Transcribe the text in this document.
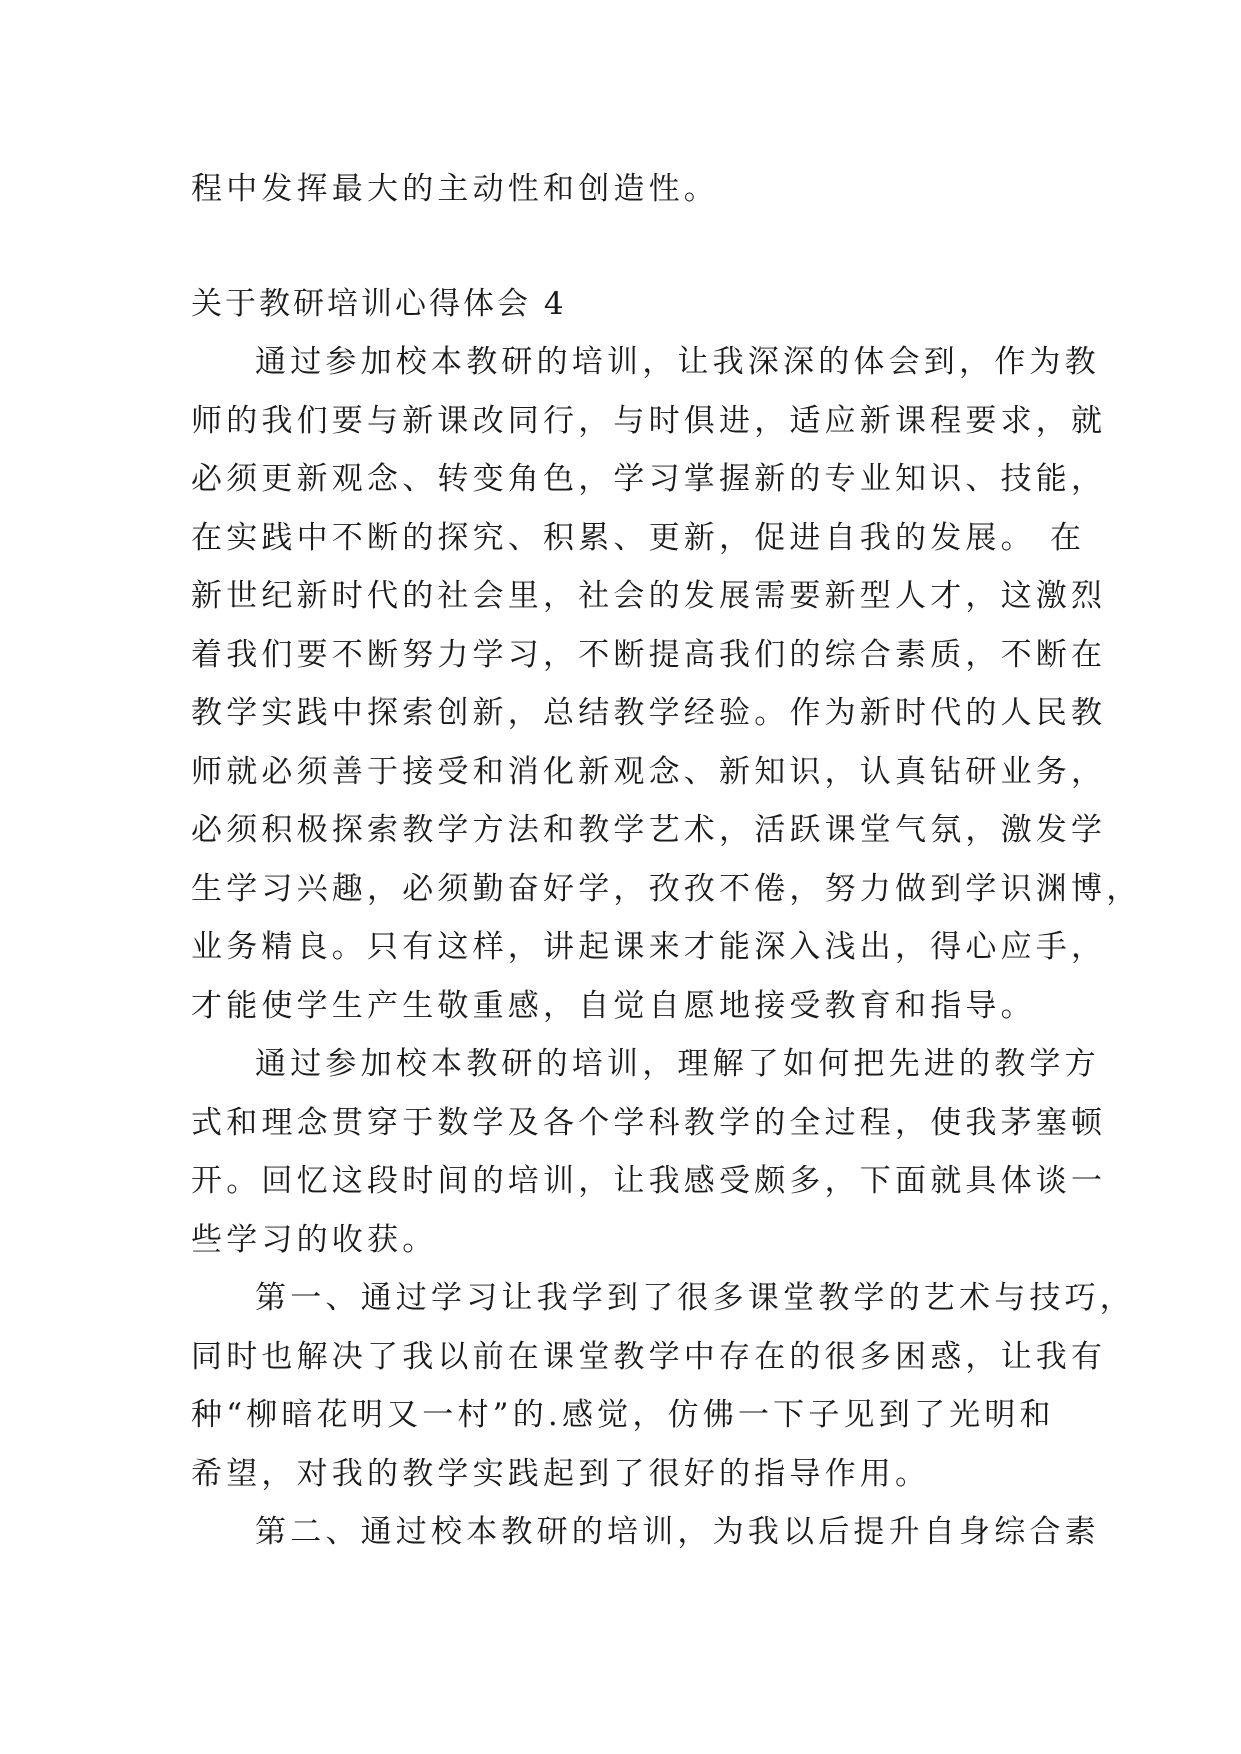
程中发挥最大的主动性和创造性。

关于教研培训心得体会 4

通过参加校本教研的培训，让我深深的体会到，作为教

师的我们要与新课改同行，与时俱进，适应新课程要求，就

必须更新观念、转变角色，学习掌握新的专业知识、技能，

在实践中不断的探究、积累、更新，促进自我的发展。 在

新世纪新时代的社会里，社会的发展需要新型人才，这激烈

着我们要不断努力学习，不断提高我们的综合素质，不断在

教学实践中探索创新，总结教学经验。作为新时代的人民教

师就必须善于接受和消化新观念、新知识，认真钻研业务，

必须积极探索教学方法和教学艺术，活跃课堂气氛，激发学

生学习兴趣，必须勤奋好学，孜孜不倦，努力做到学识渊博，

业务精良。只有这样，讲起课来才能深入浅出，得心应手，

才能使学生产生敬重感，自觉自愿地接受教育和指导。

通过参加校本教研的培训，理解了如何把先进的教学方

式和理念贯穿于数学及各个学科教学的全过程，使我茅塞顿

开。回忆这段时间的培训，让我感受颇多，下面就具体谈一

些学习的收获。

第一、通过学习让我学到了很多课堂教学的艺术与技巧，

同时也解决了我以前在课堂教学中存在的很多困惑，让我有

种“柳暗花明又一村”的.感觉，仿佛一下子见到了光明和

希望，对我的教学实践起到了很好的指导作用。

第二、通过校本教研的培训，为我以后提升自身综合素
